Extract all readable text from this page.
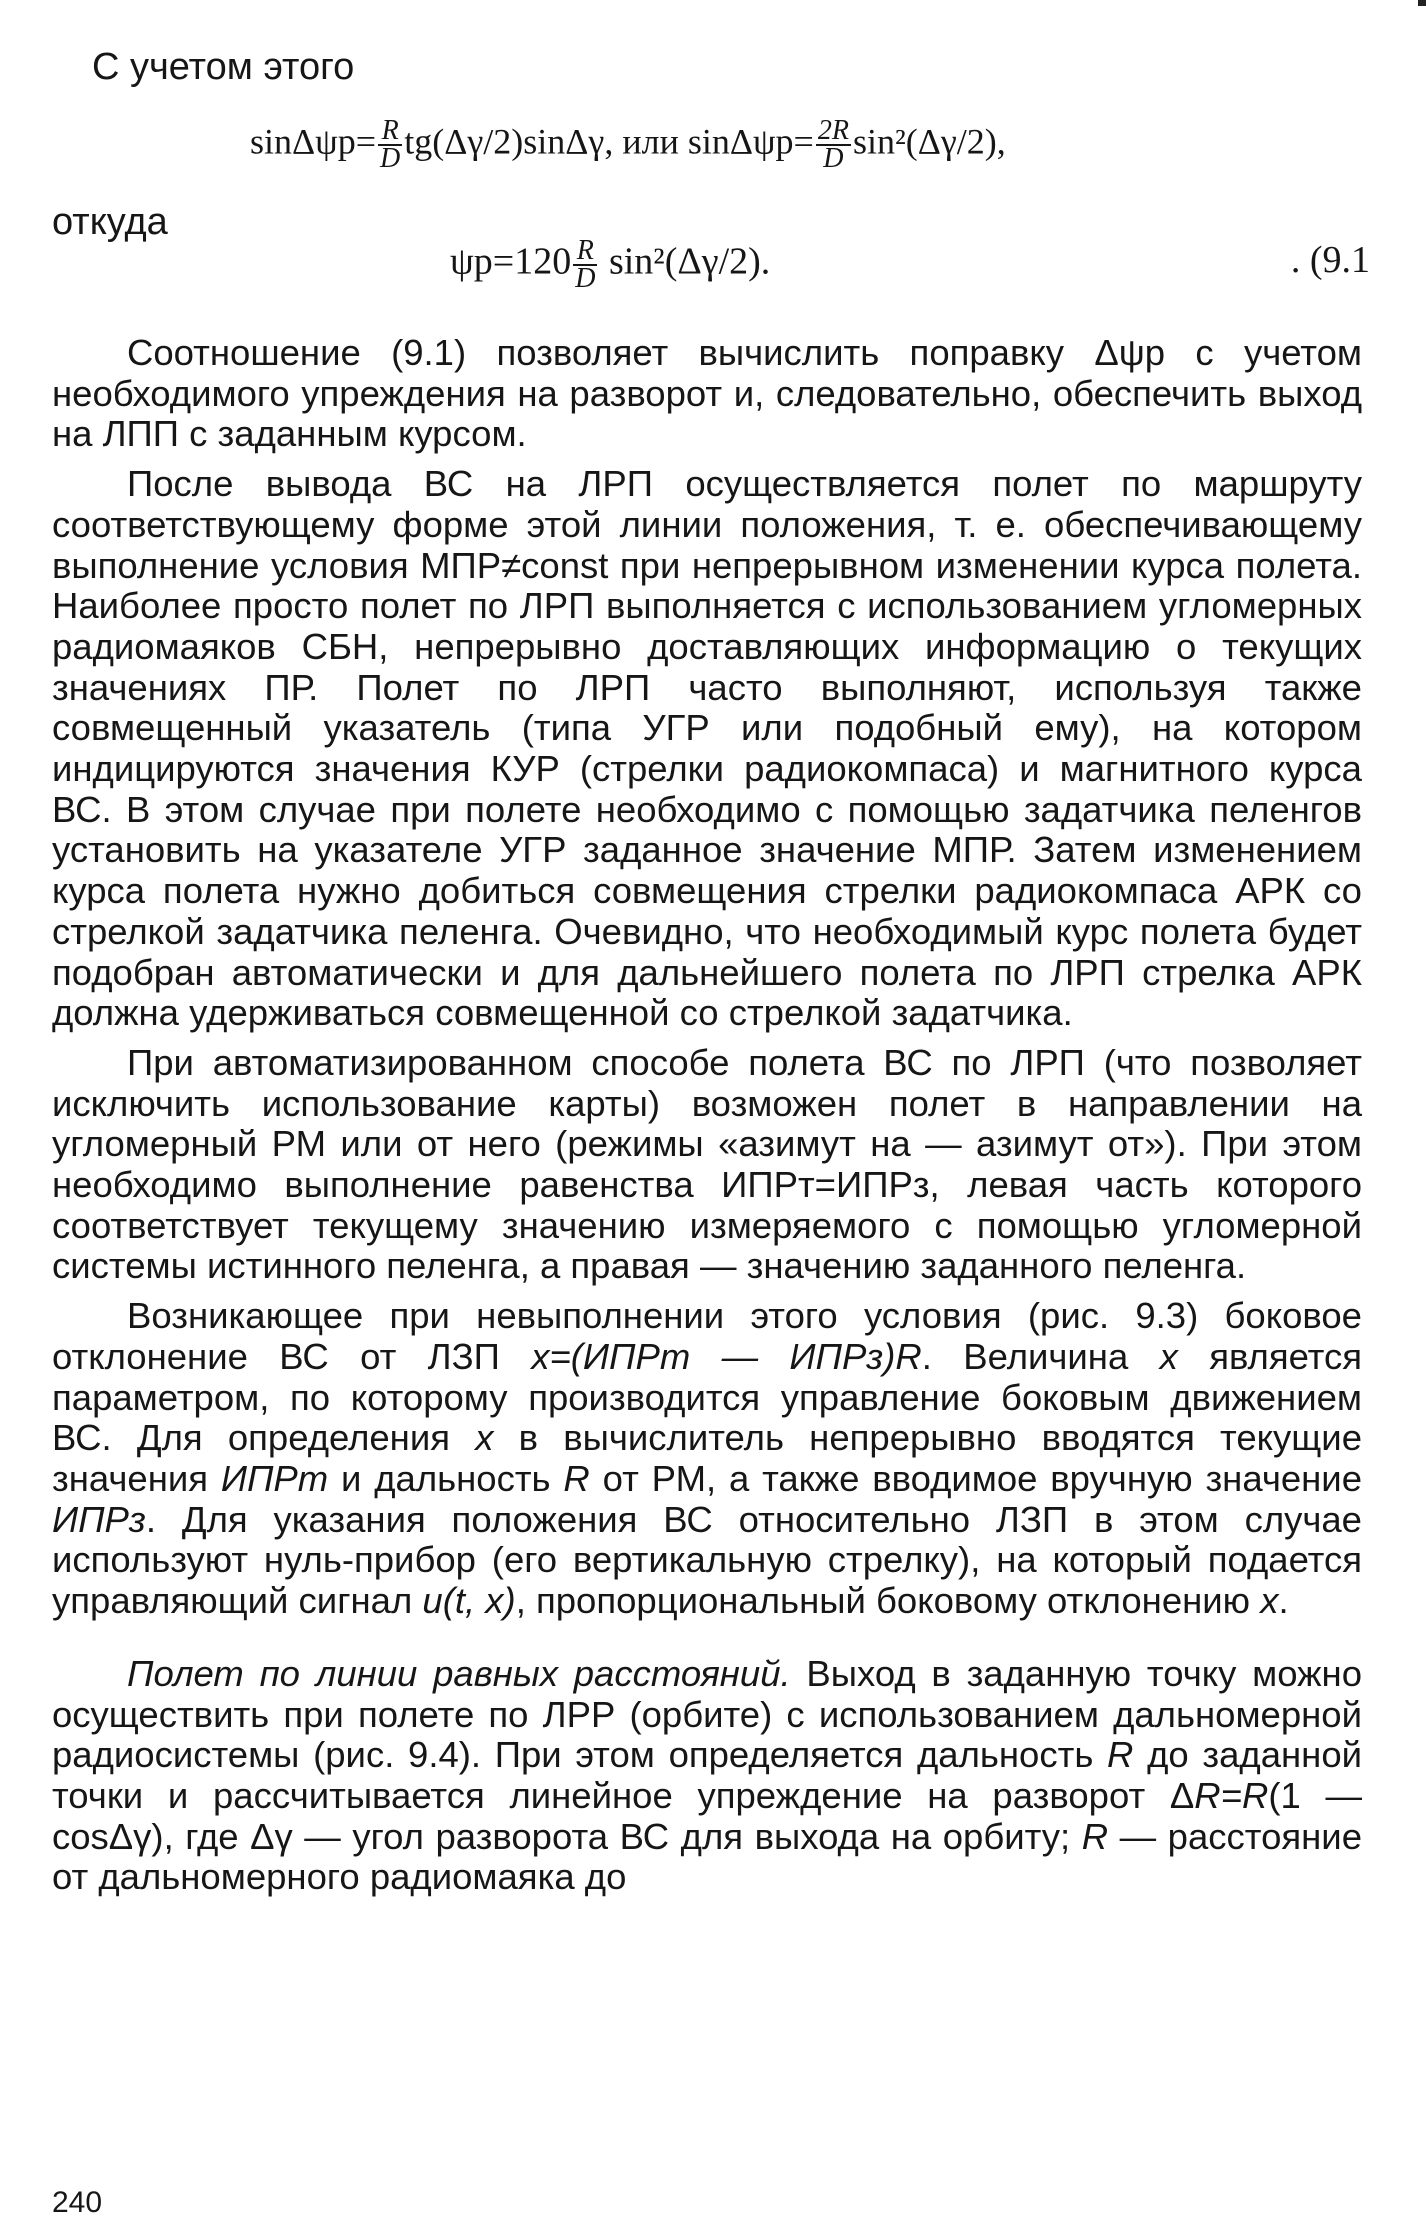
С учетом этого
$\sin\Delta\psi р= \frac{R}{D} tg(\Delta\gamma/2)\sin\Delta\gamma$, или $\sin\Delta\psi р= \frac{2R}{D} \sin^2(\Delta\gamma/2)$,
откуда
$\psi р=120 \frac{R}{D} \sin^2(\Delta\gamma/2)$.	. (9.1

Соотношение (9.1) позволяет вычислить поправку Δψр с учетом необходимого упреждения на разворот и, следовательно, обеспечить выход на ЛПП с заданным курсом.

После вывода ВС на ЛРП осуществляется полет по маршруту соответствующему форме этой линии положения, т. е. обеспечивающему выполнение условия МПР≠const при непрерывном изменении курса полета. Наиболее просто полет по ЛРП выполняется с использованием угломерных радиомаяков СБН, непрерывно доставляющих информацию о текущих значениях ПР. Полет по ЛРП часто выполняют, используя также совмещенный указатель (типа УГР или подобный ему), на котором индицируются значения КУР (стрелки радиокомпаса) и магнитного курса ВС. В этом случае при полете необходимо с помощью задатчика пеленгов установить на указателе УГР заданное значение МПР. Затем изменением курса полета нужно добиться совмещения стрелки радиокомпаса АРК со стрелкой задатчика пеленга. Очевидно, что необходимый курс полета будет подобран автоматически и для дальнейшего полета по ЛРП стрелка АРК должна удерживаться совмещенной со стрелкой задатчика.

При автоматизированном способе полета ВС по ЛРП (что позволяет исключить использование карты) возможен полет в направлении на угломерный РМ или от него (режимы «азимут на — азимут от»). При этом необходимо выполнение равенства ИПРт=ИПРз, левая часть которого соответствует текущему значению измеряемого с помощью угломерной системы истинного пеленга, а правая — значению заданного пеленга.

Возникающее при невыполнении этого условия (рис. 9.3) боковое отклонение ВС от ЛЗП x=(ИПРт — ИПРз)R. Величина x является параметром, по которому производится управление боковым движением ВС. Для определения x в вычислитель непрерывно вводятся текущие значения ИПРт и дальность R от РМ, а также вводимое вручную значение ИПРз. Для указания положения ВС относительно ЛЗП в этом случае используют нуль-прибор (его вертикальную стрелку), на который подается управляющий сигнал u(t, x), пропорциональный боковому отклонению x.

Полет по линии равных расстояний. Выход в заданную точку можно осуществить при полете по ЛРР (орбите) с использованием дальномерной радиосистемы (рис. 9.4). При этом определяется дальность R до заданной точки и рассчитывается линейное упреждение на разворот ΔR=R(1 — cosΔγ), где Δγ — угол разворота ВС для выхода на орбиту; R — расстояние от дальномерного радиомаяка до

240
